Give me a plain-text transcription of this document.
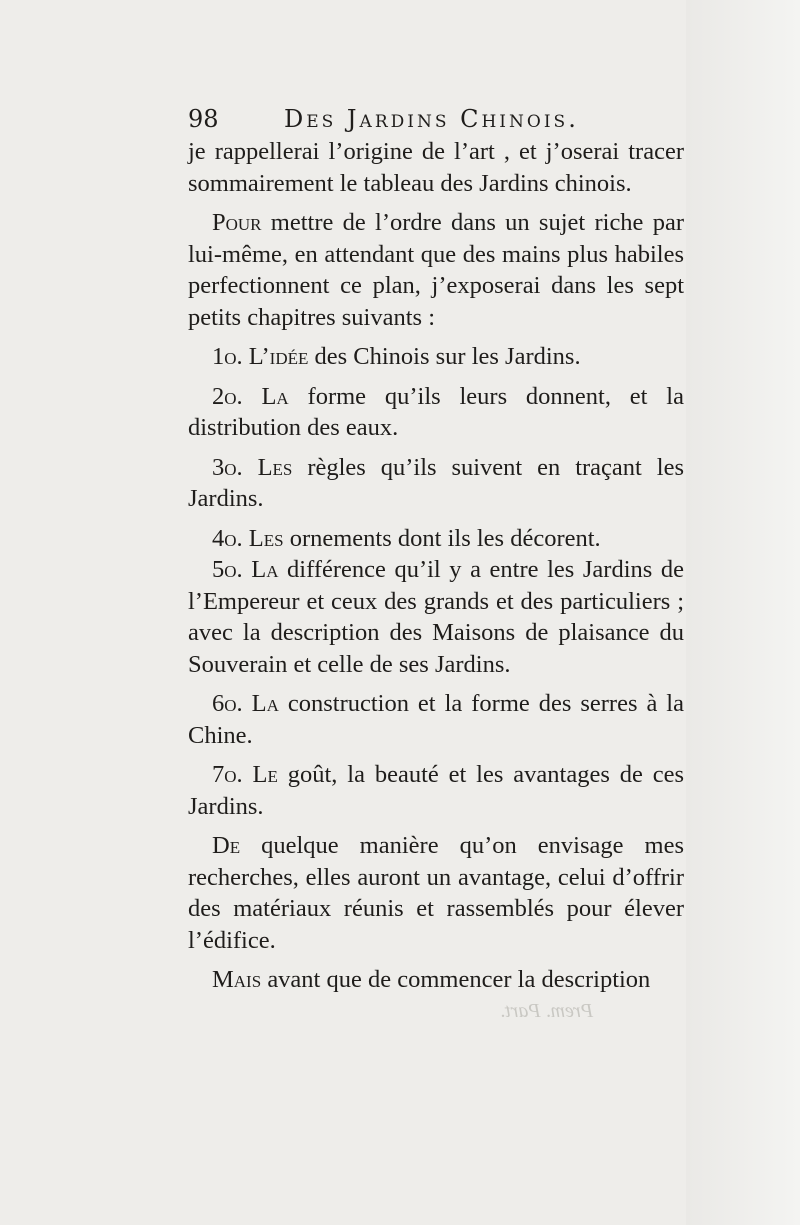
98	Des Jardins Chinois.

je rappellerai l’origine de l’art , et j’oserai tracer sommairement le tableau des Jardins chinois.

Pour mettre de l’ordre dans un sujet riche par lui-même, en attendant que des mains plus habiles perfectionnent ce plan, j’exposerai dans les sept petits chapitres suivants :

1o. L’idée des Chinois sur les Jardins.

2o. La forme qu’ils leurs donnent, et la distribution des eaux.

3o. Les règles qu’ils suivent en traçant les Jardins.

4o. Les ornements dont ils les décorent.

5o. La différence qu’il y a entre les Jardins de l’Empereur et ceux des grands et des particuliers ; avec la description des Maisons de plaisance du Souverain et celle de ses Jardins.

6o. La construction et la forme des serres à la Chine.

7o. Le goût, la beauté et les avantages de ces Jardins.

De quelque manière qu’on envisage mes recherches, elles auront un avantage, celui d’offrir des matériaux réunis et rassemblés pour élever l’édifice.

Mais avant que de commencer la description

Prem. Part.
